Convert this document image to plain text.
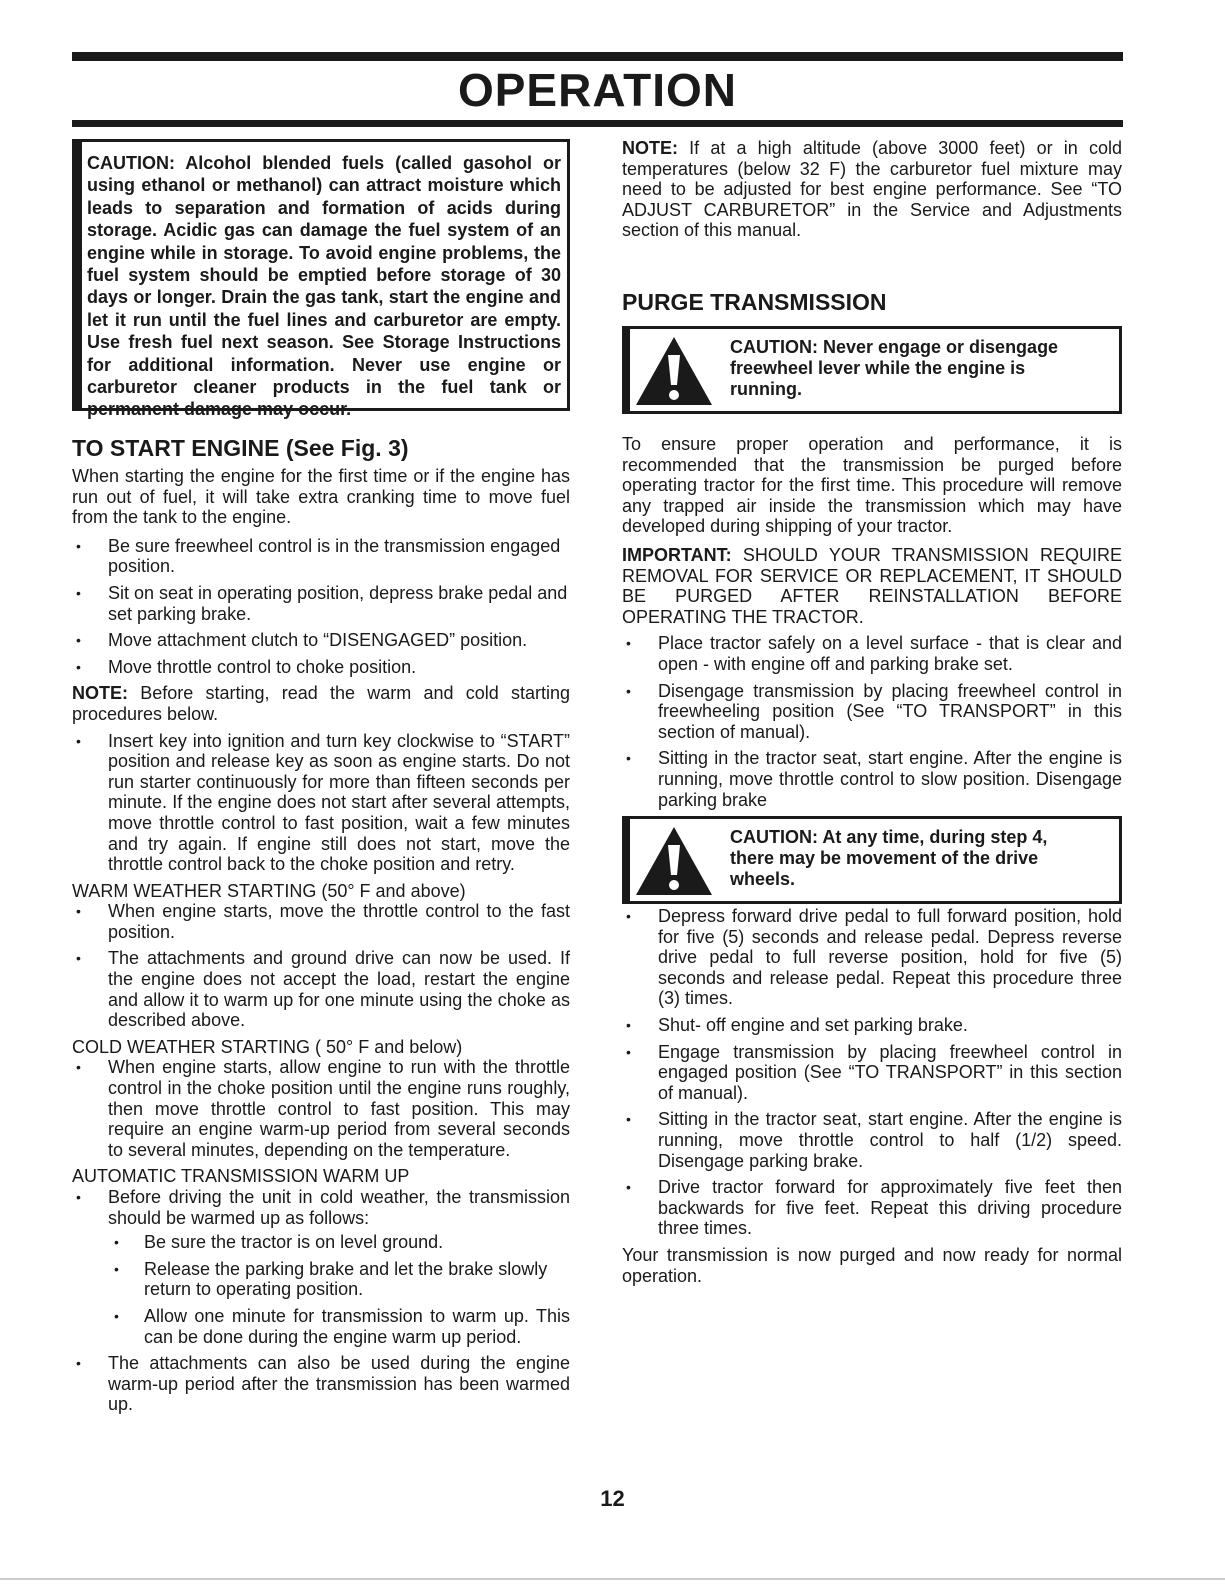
OPERATION
CAUTION: Alcohol blended fuels (called gasohol or using ethanol or methanol) can attract moisture which leads to separation and formation of acids during storage. Acidic gas can damage the fuel system of an engine while in storage. To avoid engine problems, the fuel system should be emptied before storage of 30 days or longer. Drain the gas tank, start the engine and let it run until the fuel lines and carburetor are empty. Use fresh fuel next season. See Storage Instructions for additional information. Never use engine or carburetor cleaner products in the fuel tank or permanent damage may occur.
TO START ENGINE (See Fig. 3)

When starting the engine for the first time or if the engine has run out of fuel, it will take extra cranking time to move fuel from the tank to the engine.

• Be sure freewheel control is in the transmission engaged position.
• Sit on seat in operating position, depress brake pedal and set parking brake.
• Move attachment clutch to “DISENGAGED” position.
• Move throttle control to choke position.

NOTE: Before starting, read the warm and cold starting procedures below.

• Insert key into ignition and turn key clockwise to “START” position and release key as soon as engine starts. Do not run starter continuously for more than fifteen seconds per minute. If the engine does not start after several attempts, move throttle control to fast position, wait a few minutes and try again. If engine still does not start, move the throttle control back to the choke position and retry.

WARM WEATHER STARTING (50° F and above)

• When engine starts, move the throttle control to the fast position.
• The attachments and ground drive can now be used. If the engine does not accept the load, restart the engine and allow it to warm up for one minute using the choke as described above.

COLD WEATHER STARTING ( 50° F and below)

• When engine starts, allow engine to run with the throttle control in the choke position until the engine runs roughly, then move throttle control to fast position. This may require an engine warm-up period from several seconds to several minutes, depending on the temperature.

AUTOMATIC TRANSMISSION WARM UP

• Before driving the unit in cold weather, the transmission should be warmed up as follows:
• Be sure the tractor is on level ground.
• Release the parking brake and let the brake slowly return to operating position.
• Allow one minute for transmission to warm up. This can be done during the engine warm up period.
• The attachments can also be used during the engine warm-up period after the transmission has been warmed up.

NOTE: If at a high altitude (above 3000 feet) or in cold temperatures (below 32 F) the carburetor fuel mixture may need to be adjusted for best engine performance. See “TO ADJUST CARBURETOR” in the Service and Adjustments section of this manual.

PURGE TRANSMISSION
CAUTION: Never engage or disengage freewheel lever while the engine is running.

To ensure proper operation and performance, it is recommended that the transmission be purged before operating tractor for the first time. This procedure will remove any trapped air inside the transmission which may have developed during shipping of your tractor.

IMPORTANT: SHOULD YOUR TRANSMISSION REQUIRE REMOVAL FOR SERVICE OR REPLACEMENT, IT SHOULD BE PURGED AFTER REINSTALLATION BEFORE OPERATING THE TRACTOR.

• Place tractor safely on a level surface - that is clear and open - with engine off and parking brake set.
• Disengage transmission by placing freewheel control in freewheeling position (See “TO TRANSPORT” in this section of manual).
• Sitting in the tractor seat, start engine. After the engine is running, move throttle control to slow position. Disengage parking brake
CAUTION: At any time, during step 4, there may be movement of the drive wheels.
• Depress forward drive pedal to full forward position, hold for five (5) seconds and release pedal. Depress reverse drive pedal to full reverse position, hold for five (5) seconds and release pedal. Repeat this procedure three (3) times.
• Shut- off engine and set parking brake.
• Engage transmission by placing freewheel control in engaged position (See “TO TRANSPORT” in this section of manual).
• Sitting in the tractor seat, start engine. After the engine is running, move throttle control to half (1/2) speed. Disengage parking brake.
• Drive tractor forward for approximately five feet then backwards for five feet. Repeat this driving procedure three times.

Your transmission is now purged and now ready for normal operation.

12
